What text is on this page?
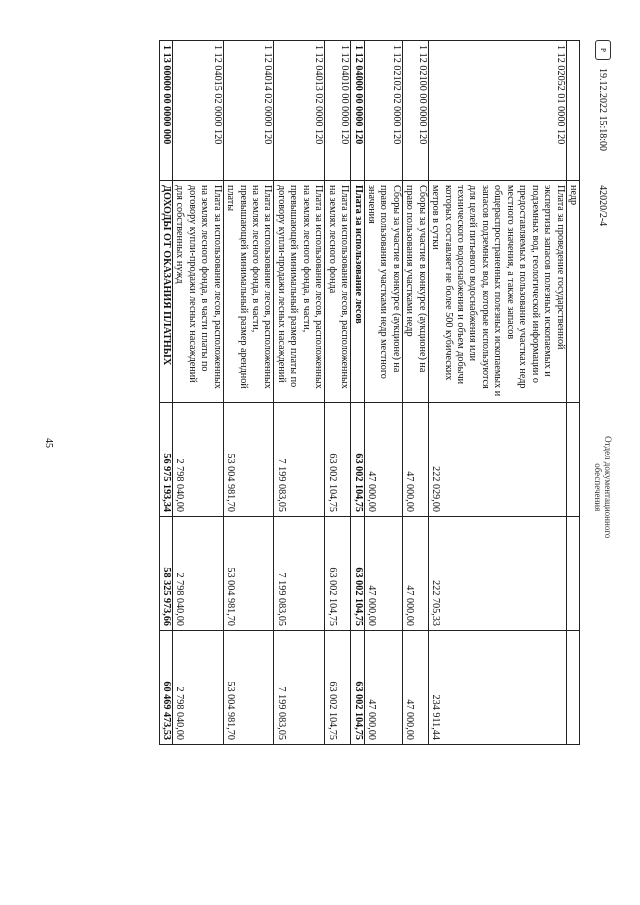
Р
19.12.2022 15:18:00
42020/2-4
Отдел документационного
обеспечения
	недр			
1 12 02052 01 0000 120	Плата за проведение государственной экспертизы запасов полезных ископаемых и подземных вод, геологической информации о предоставляемых в пользование участках недр местного значения, а также запасов общераспространенных полезных ископаемых и запасов подземных вод, которые используются для целей питьевого водоснабжения или технического водоснабжения и объем добычи которых составляет не более 500 кубических метров в сутки	222 029,00	222 705,33	234 911,44
1 12 02100 00 0000 120	Сборы за участие в конкурсе (аукционе) на право пользования участками недр	47 000,00	47 000,00	47 000,00
1 12 02102 02 0000 120	Сборы за участие в конкурсе (аукционе) на право пользования участками недр местного значения	47 000,00	47 000,00	47 000,00
1 12 04000 00 0000 120	Плата за использование лесов	63 002 104,75	63 002 104,75	63 002 104,75
1 12 04010 00 0000 120	Плата за использование лесов, расположенных на землях лесного фонда	63 002 104,75	63 002 104,75	63 002 104,75
1 12 04013 02 0000 120	Плата за использование лесов, расположенных на землях лесного фонда, в части, превышающей минимальный размер платы по договору купли-продажи лесных насаждений	7 199 083,05	7 199 083,05	7 199 083,05
1 12 04014 02 0000 120	Плата за использование лесов, расположенных на землях лесного фонда, в части, превышающей минимальный размер арендной платы	53 004 981,70	53 004 981,70	53 004 981,70
1 12 04015 02 0000 120	Плата за использование лесов, расположенных на землях лесного фонда, в части платы по договору купли-продажи лесных насаждений для собственных нужд	2 798 040,00	2 798 040,00	2 798 040,00
1 13 00000 00 0000 000	ДОХОДЫ ОТ ОКАЗАНИЯ ПЛАТНЫХ	56 975 193,34	58 325 973,66	60 469 473,53
45
